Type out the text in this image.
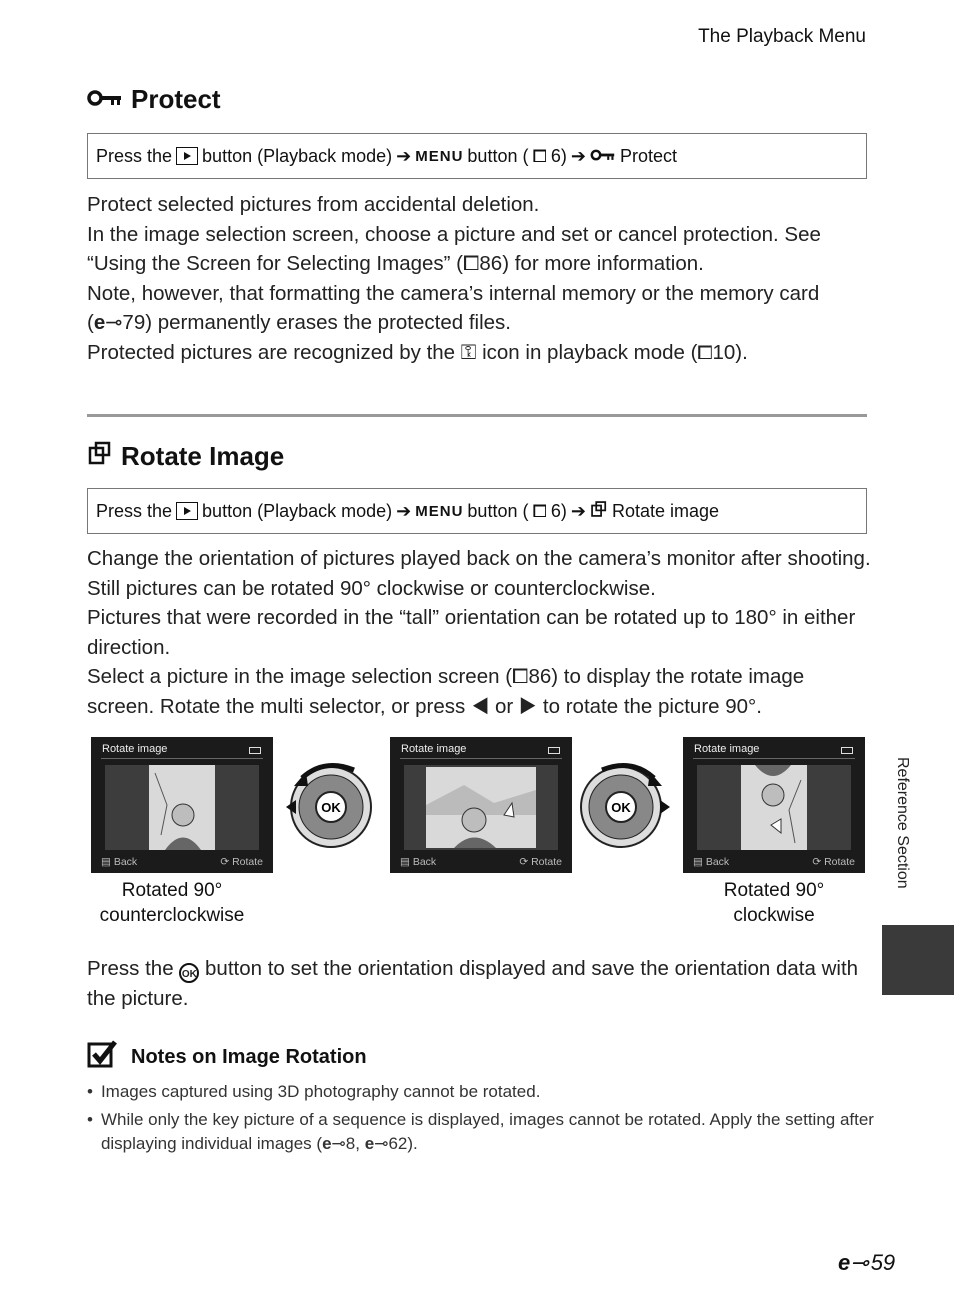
The Playback Menu
Protect
Press the button (Playback mode) ➔ MENU button ( ⧠ 6) ➔ Protect

Protect selected pictures from accidental deletion.

In the image selection screen, choose a picture and set or cancel protection. See “Using the Screen for Selecting Images” (⧠86) for more information.

Note, however, that formatting the camera’s internal memory or the memory card (e⊸79) permanently erases the protected files.

Protected pictures are recognized by the ⚿ icon in playback mode (⧠10).

Rotate Image
Press the button (Playback mode) ➔ MENU button ( ⧠ 6) ➔ Rotate image

Change the orientation of pictures played back on the camera’s monitor after shooting. Still pictures can be rotated 90° clockwise or counterclockwise.

Pictures that were recorded in the “tall” orientation can be rotated up to 180° in either direction.

Select a picture in the image selection screen (⧠86) to display the rotate image screen. Rotate the multi selector, or press ◀ or ▶ to rotate the picture 90°.

Rotate image
▤ Back	⟳ Rotate
OK
Rotate image
▤ Back	⟳ Rotate
OK
Rotate image
▤ Back	⟳ Rotate
Rotated 90°
counterclockwise
Rotated 90°
clockwise

Press the OK button to set the orientation displayed and save the orientation data with the picture.

Notes on Image Rotation
• Images captured using 3D photography cannot be rotated.
• While only the key picture of a sequence is displayed, images cannot be rotated. Apply the setting after displaying individual images (e⊸8, e⊸62).
Reference Section
e⊸ 59
